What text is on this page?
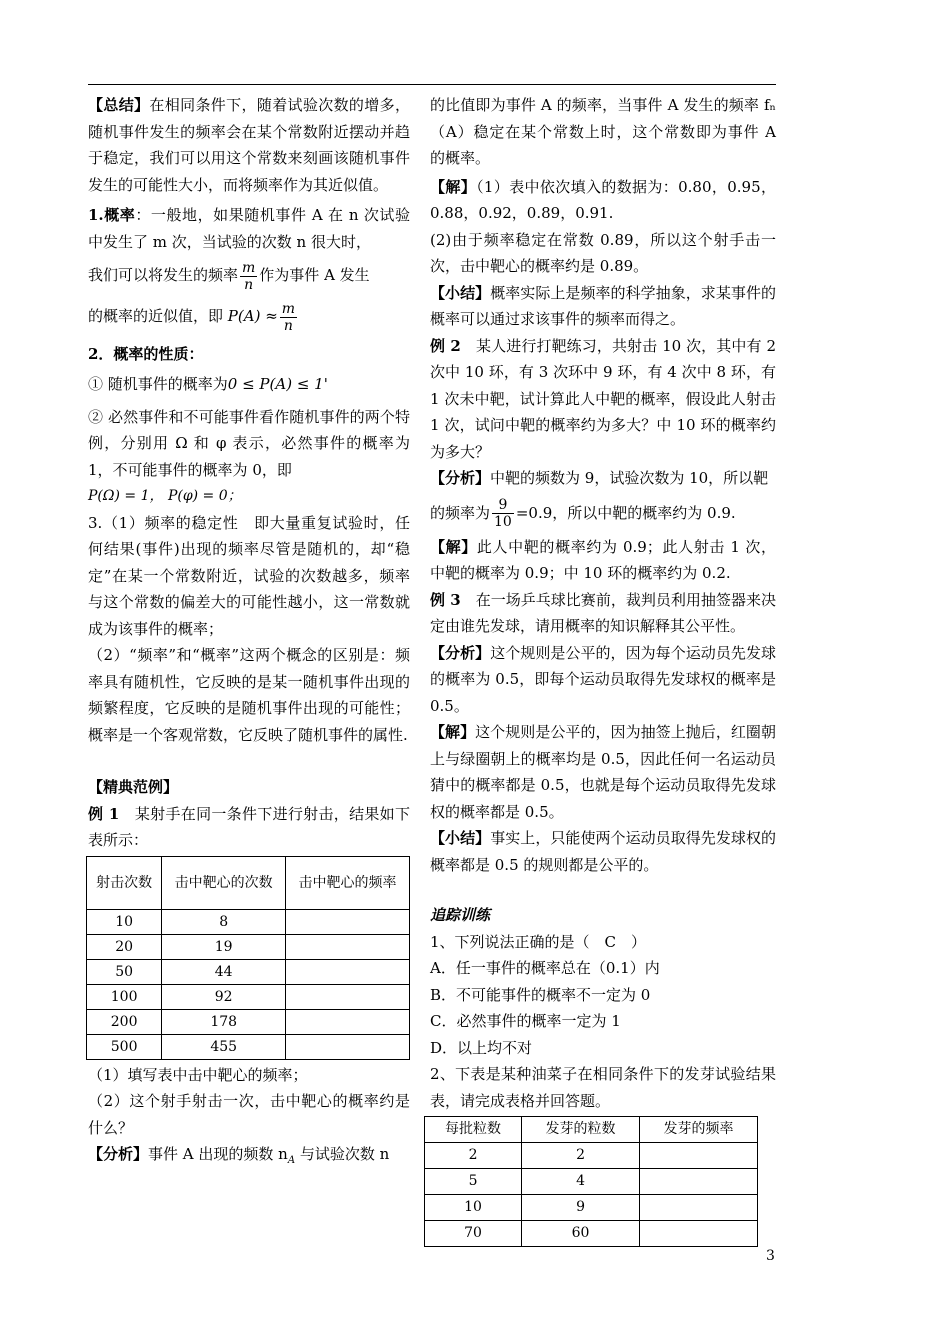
【总结】在相同条件下，随着试验次数的增多，随机事件发生的频率会在某个常数附近摆动并趋于稳定，我们可以用这个常数来刻画该随机事件发生的可能性大小，而将频率作为其近似值。

1.概率：一般地，如果随机事件 A 在 n 次试验中发生了 m 次，当试验的次数 n 很大时，

我们可以将发生的频率 $\frac{m}{n}$ 作为事件 A 发生

的概率的近似值，即 $P(A) \approx \frac{m}{n}$

2．概率的性质：

① 随机事件的概率为0 ≤ P(A) ≤ 1'

② 必然事件和不可能事件看作随机事件的两个特例，分别用 Ω 和 φ 表示，必然事件的概率为 1，不可能事件的概率为 0，即

P(Ω) = 1， P(φ) = 0；

3.（1）频率的稳定性　即大量重复试验时，任何结果(事件)出现的频率尽管是随机的，却“稳定”在某一个常数附近，试验的次数越多，频率与这个常数的偏差大的可能性越小，这一常数就成为该事件的概率；

（2）“频率”和“概率”这两个概念的区别是：频率具有随机性，它反映的是某一随机事件出现的频繁程度，它反映的是随机事件出现的可能性；概率是一个客观常数，它反映了随机事件的属性.

【精典范例】

例 1　某射手在同一条件下进行射击，结果如下表所示：

射击次数	击中靶心的次数	击中靶心的频率
10	8	
20	19	
50	44	
100	92	
200	178	
500	455	

（1）填写表中击中靶心的频率；

（2）这个射手射击一次，击中靶心的概率约是什么？

【分析】事件 A 出现的频数 $n_A$ 与试验次数 n

的比值即为事件 A 的频率，当事件 A 发生的频率 fₙ（A）稳定在某个常数上时，这个常数即为事件 A 的概率。

【解】（1）表中依次填入的数据为：0.80，0.95，0.88，0.92，0.89，0.91.

(2)由于频率稳定在常数 0.89，所以这个射手击一次，击中靶心的概率约是 0.89。

【小结】概率实际上是频率的科学抽象，求某事件的概率可以通过求该事件的频率而得之。

例 2　某人进行打靶练习，共射击 10 次，其中有 2 次中 10 环，有 3 次环中 9 环，有 4 次中 8 环，有 1 次未中靶，试计算此人中靶的概率，假设此人射击 1 次，试问中靶的概率约为多大？中 10 环的概率约为多大？

【分析】中靶的频数为 9，试验次数为 10，所以靶

的频率为 $\frac{9}{10} =0.9$，所以中靶的概率约为 0.9.

【解】此人中靶的概率约为 0.9；此人射击 1 次，中靶的概率为 0.9；中 10 环的概率约为 0.2.

例 3　在一场乒乓球比赛前，裁判员利用抽签器来决定由谁先发球，请用概率的知识解释其公平性。

【分析】这个规则是公平的，因为每个运动员先发球的概率为 0.5，即每个运动员取得先发球权的概率是 0.5。

【解】这个规则是公平的，因为抽签上抛后，红圈朝上与绿圈朝上的概率均是 0.5，因此任何一名运动员猜中的概率都是 0.5，也就是每个运动员取得先发球权的概率都是 0.5。

【小结】事实上，只能使两个运动员取得先发球权的概率都是 0.5 的规则都是公平的。

追踪训练

1、下列说法正确的是（　C　）

A．任一事件的概率总在（0.1）内

B．不可能事件的概率不一定为 0

C．必然事件的概率一定为 1

D．以上均不对

2、下表是某种油菜子在相同条件下的发芽试验结果表，请完成表格并回答题。

每批粒数	发芽的粒数	发芽的频率
2	2	
5	4	
10	9	
70	60	
3
